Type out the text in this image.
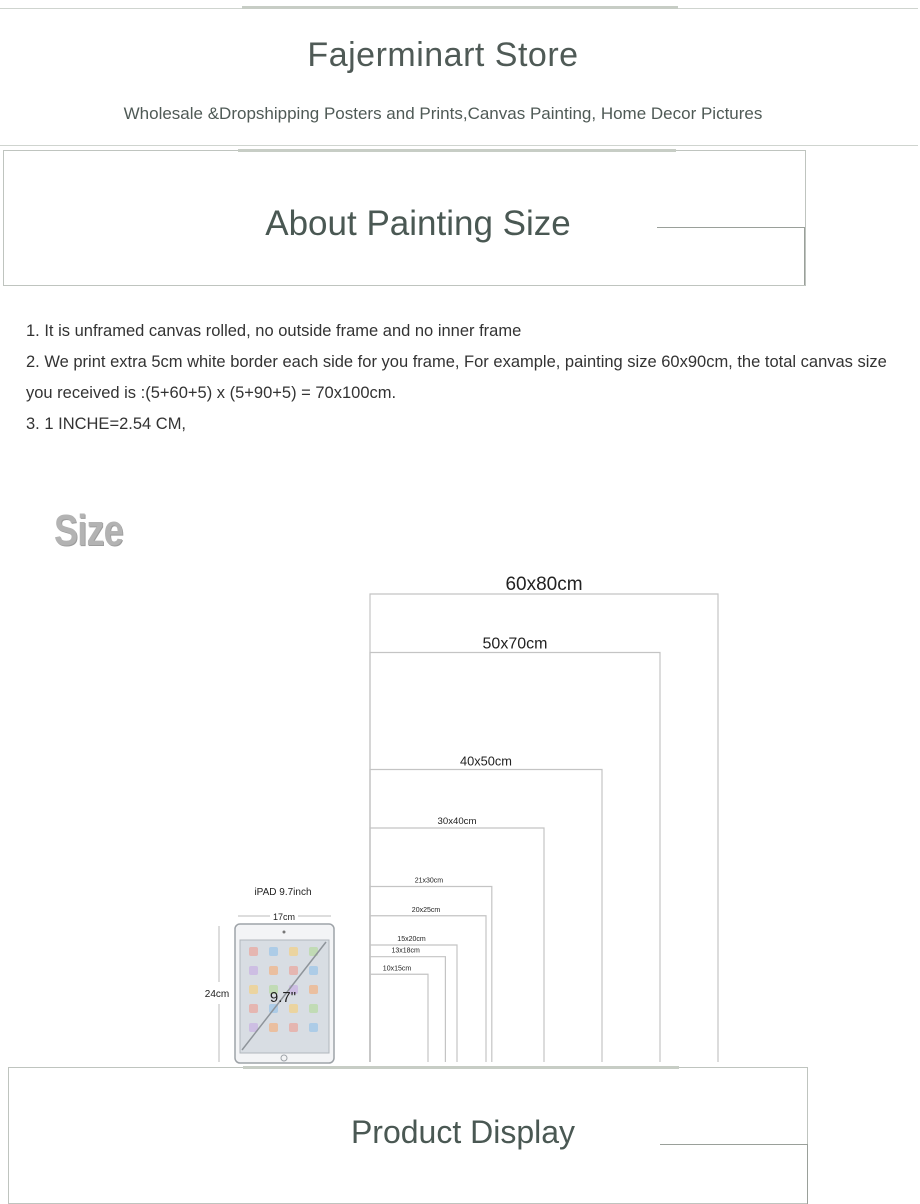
Fajerminart Store
Wholesale &Dropshipping Posters and Prints,Canvas Painting, Home Decor Pictures
About Painting Size

1. It is unframed canvas rolled, no outside frame and no inner frame

2. We print extra 5cm white border each side for you frame, For example, painting size 60x90cm, the total canvas size you received is :(5+60+5) x (5+90+5) = 70x100cm.

3. 1 INCHE=2.54 CM,

Size
60x80cm
50x70cm
40x50cm
30x40cm
21x30cm
20x25cm
15x20cm
13x18cm
10x15cm
iPAD 9.7inch
17cm
24cm	9.7"
Product Display
